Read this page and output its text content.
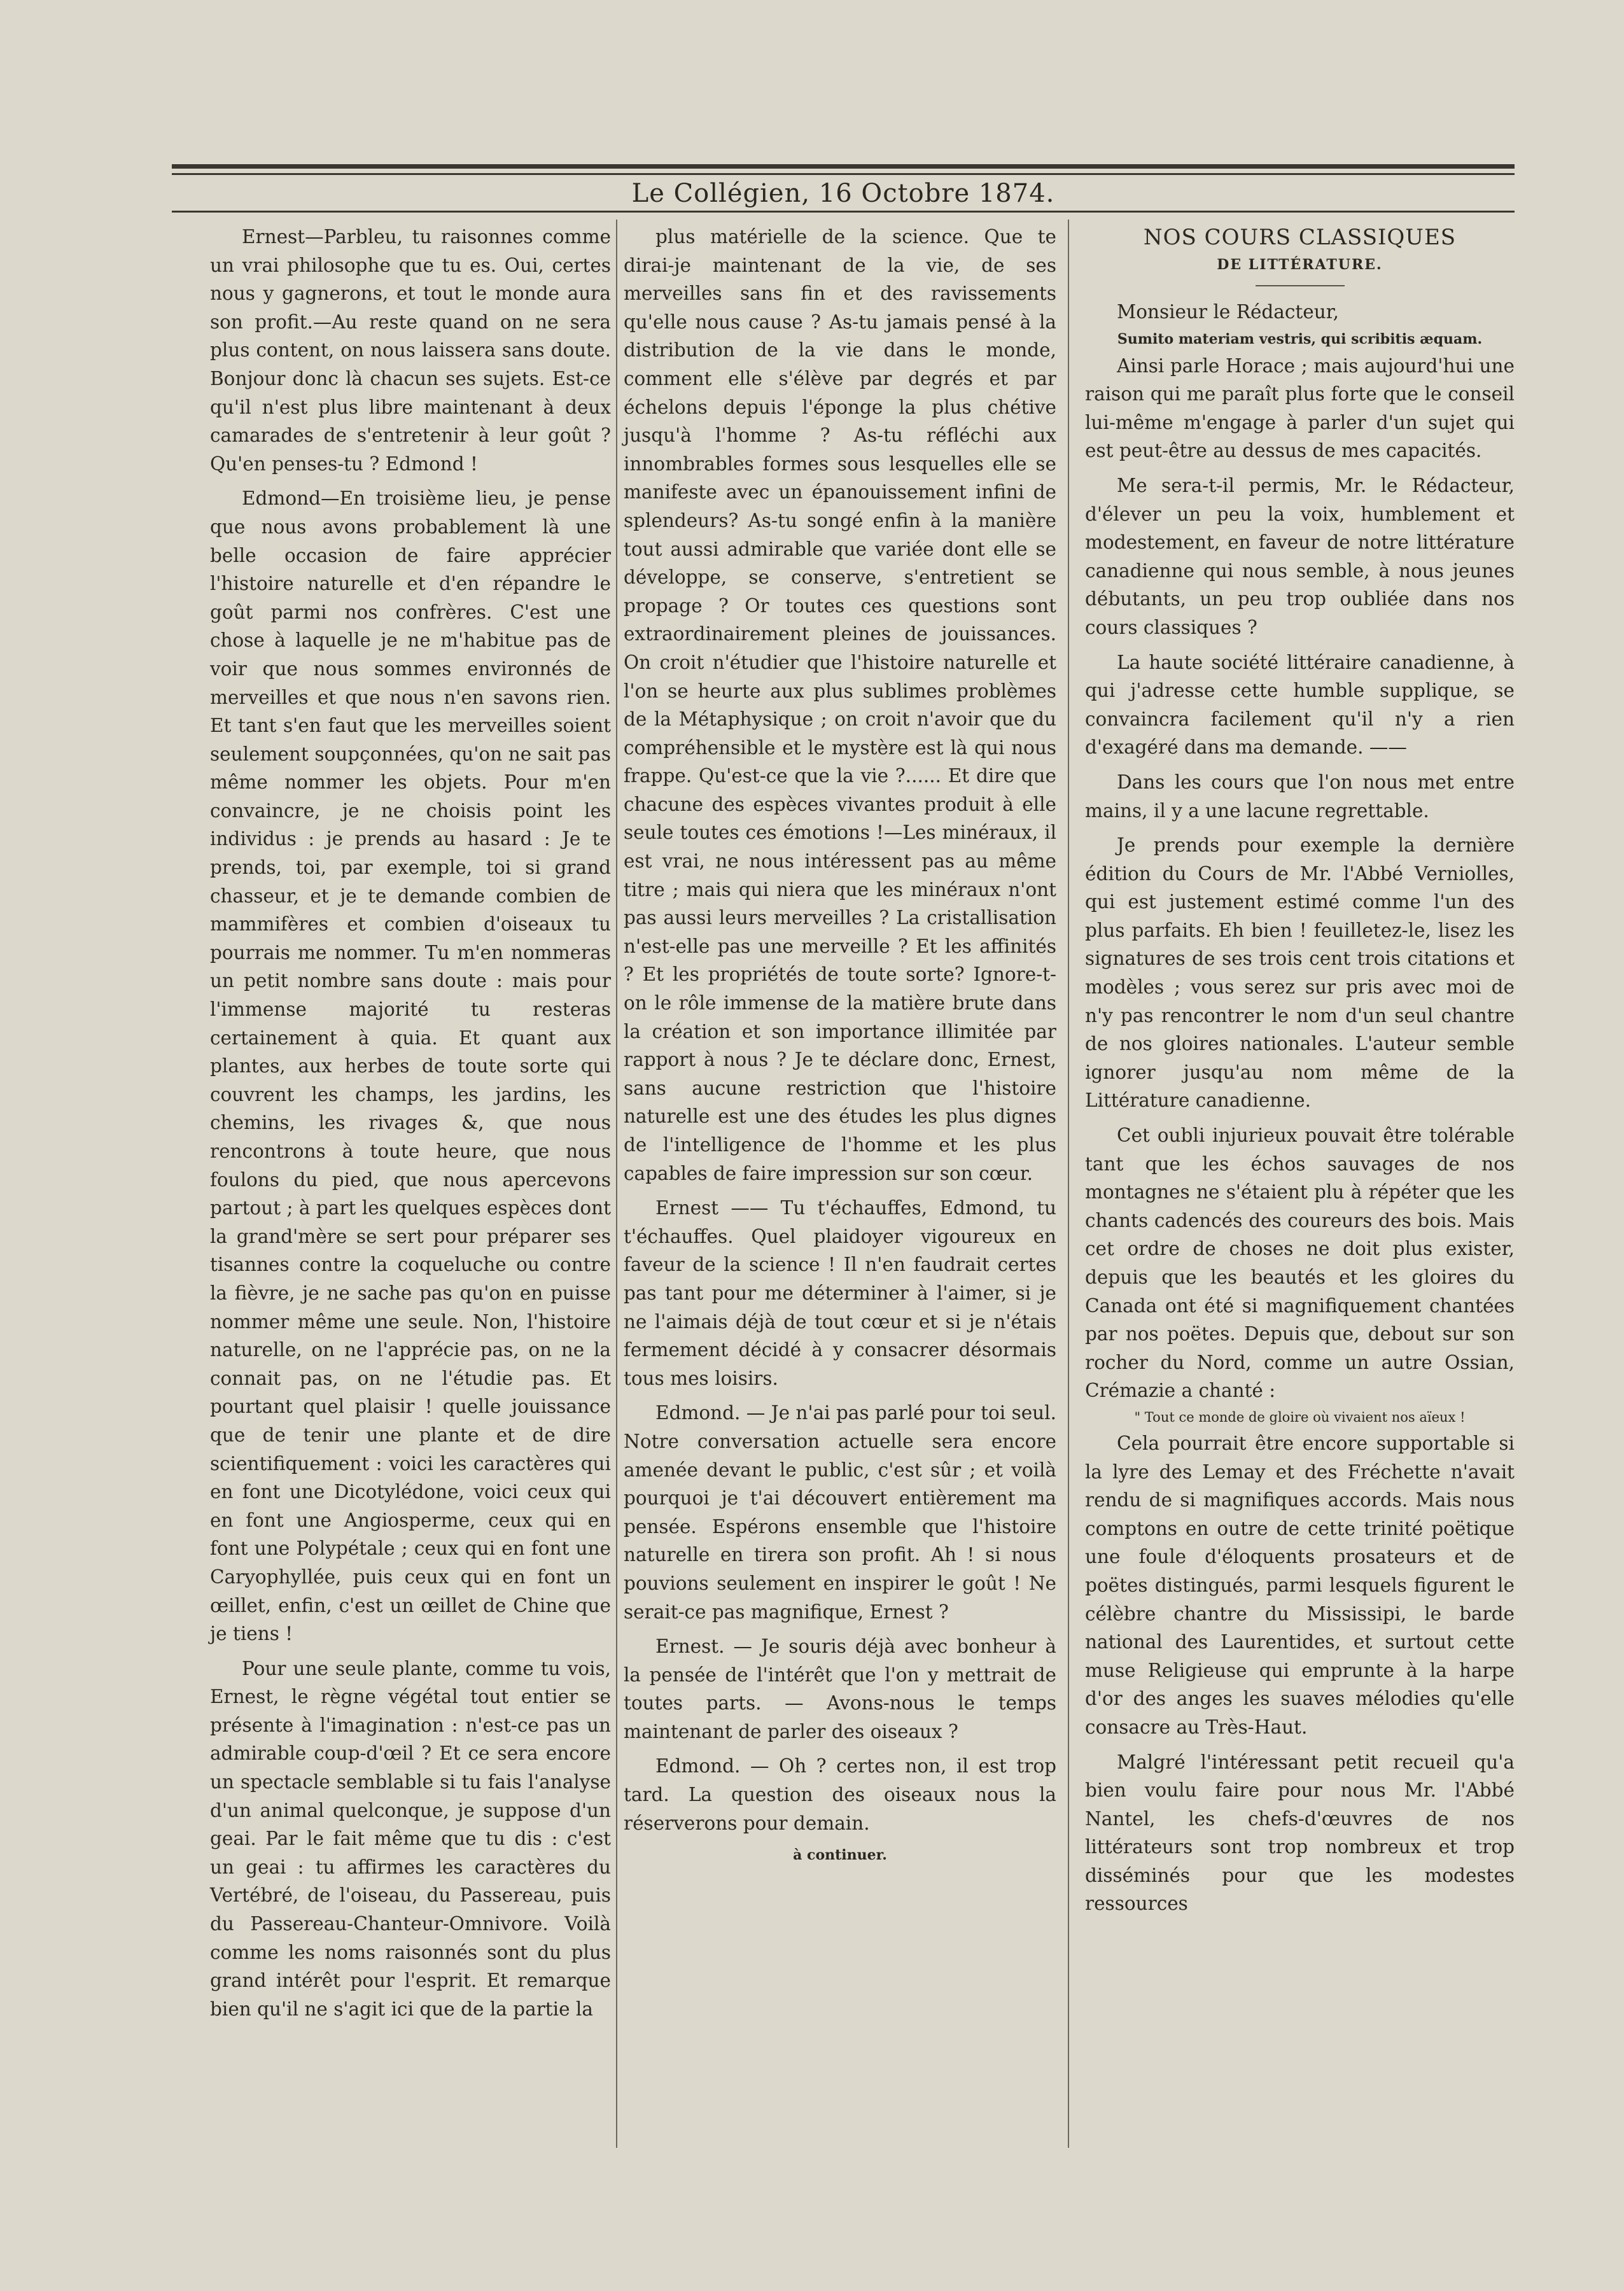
Le Collégien, 16 Octobre 1874.

Ernest—Parbleu, tu raisonnes comme un vrai philosophe que tu es. Oui, certes nous y gagnerons, et tout le monde aura son profit.—Au reste quand on ne sera plus content, on nous laissera sans doute. Bonjour donc là chacun ses sujets. Est-ce qu'il n'est plus libre maintenant à deux camarades de s'entretenir à leur goût ? Qu'en penses-tu ? Edmond !

Edmond—En troisième lieu, je pense que nous avons probablement là une belle occasion de faire apprécier l'histoire naturelle et d'en répandre le goût parmi nos confrères. C'est une chose à laquelle je ne m'habitue pas de voir que nous sommes environnés de merveilles et que nous n'en savons rien. Et tant s'en faut que les merveilles soient seulement soupçonnées, qu'on ne sait pas même nommer les objets. Pour m'en convaincre, je ne choisis point les individus : je prends au hasard : Je te prends, toi, par exemple, toi si grand chasseur, et je te demande combien de mammifères et combien d'oiseaux tu pourrais me nommer. Tu m'en nommeras un petit nombre sans doute : mais pour l'immense majorité tu resteras certainement à quia. Et quant aux plantes, aux herbes de toute sorte qui couvrent les champs, les jardins, les chemins, les rivages &, que nous rencontrons à toute heure, que nous foulons du pied, que nous apercevons partout ; à part les quelques espèces dont la grand'mère se sert pour préparer ses tisannes contre la coqueluche ou contre la fièvre, je ne sache pas qu'on en puisse nommer même une seule. Non, l'histoire naturelle, on ne l'apprécie pas, on ne la connait pas, on ne l'étudie pas. Et pourtant quel plaisir ! quelle jouissance que de tenir une plante et de dire scientifiquement : voici les caractères qui en font une Dicotylédone, voici ceux qui en font une Angiosperme, ceux qui en font une Polypétale ; ceux qui en font une Caryophyllée, puis ceux qui en font un œillet, enfin, c'est un œillet de Chine que je tiens !

Pour une seule plante, comme tu vois, Ernest, le règne végétal tout entier se présente à l'imagination : n'est-ce pas un admirable coup-d'œil ? Et ce sera encore un spectacle semblable si tu fais l'analyse d'un animal quelconque, je suppose d'un geai. Par le fait même que tu dis : c'est un geai : tu affirmes les caractères du Vertébré, de l'oiseau, du Passereau, puis du Passereau-Chanteur-Omnivore. Voilà comme les noms raisonnés sont du plus grand intérêt pour l'esprit. Et remarque bien qu'il ne s'agit ici que de la partie la

plus matérielle de la science. Que te dirai-je maintenant de la vie, de ses merveilles sans fin et des ravissements qu'elle nous cause ? As-tu jamais pensé à la distribution de la vie dans le monde, comment elle s'élève par degrés et par échelons depuis l'éponge la plus chétive jusqu'à l'homme ? As-tu réfléchi aux innombrables formes sous lesquelles elle se manifeste avec un épanouissement infini de splendeurs? As-tu songé enfin à la manière tout aussi admirable que variée dont elle se développe, se conserve, s'entretient se propage ? Or toutes ces questions sont extraordinairement pleines de jouissances. On croit n'étudier que l'histoire naturelle et l'on se heurte aux plus sublimes problèmes de la Métaphysique ; on croit n'avoir que du compréhensible et le mystère est là qui nous frappe. Qu'est-ce que la vie ?...... Et dire que chacune des espèces vivantes produit à elle seule toutes ces émotions !—Les minéraux, il est vrai, ne nous intéressent pas au même titre ; mais qui niera que les minéraux n'ont pas aussi leurs merveilles ? La cristallisation n'est-elle pas une merveille ? Et les affinités ? Et les propriétés de toute sorte? Ignore-t-on le rôle immense de la matière brute dans la création et son importance illimitée par rapport à nous ? Je te déclare donc, Ernest, sans aucune restriction que l'histoire naturelle est une des études les plus dignes de l'intelligence de l'homme et les plus capables de faire impression sur son cœur.

Ernest —— Tu t'échauffes, Edmond, tu t'échauffes. Quel plaidoyer vigoureux en faveur de la science ! Il n'en faudrait certes pas tant pour me déterminer à l'aimer, si je ne l'aimais déjà de tout cœur et si je n'étais fermement décidé à y consacrer désormais tous mes loisirs.

Edmond. — Je n'ai pas parlé pour toi seul. Notre conversation actuelle sera encore amenée devant le public, c'est sûr ; et voilà pourquoi je t'ai découvert entièrement ma pensée. Espérons ensemble que l'histoire naturelle en tirera son profit. Ah ! si nous pouvions seulement en inspirer le goût ! Ne serait-ce pas magnifique, Ernest ?

Ernest. — Je souris déjà avec bonheur à la pensée de l'intérêt que l'on y mettrait de toutes parts. — Avons-nous le temps maintenant de parler des oiseaux ?

Edmond. — Oh ? certes non, il est trop tard. La question des oiseaux nous la réserverons pour demain.

à continuer.

NOS COURS CLASSIQUES

DE LITTÉRATURE.

Monsieur le Rédacteur,

Sumito materiam vestris, qui scribitis æquam.

Ainsi parle Horace ; mais aujourd'hui une raison qui me paraît plus forte que le conseil lui-même m'engage à parler d'un sujet qui est peut-être au dessus de mes capacités.

Me sera-t-il permis, Mr. le Rédacteur, d'élever un peu la voix, humblement et modestement, en faveur de notre littérature canadienne qui nous semble, à nous jeunes débutants, un peu trop oubliée dans nos cours classiques ?

La haute société littéraire canadienne, à qui j'adresse cette humble supplique, se convaincra facilement qu'il n'y a rien d'exagéré dans ma demande. ——

Dans les cours que l'on nous met entre mains, il y a une lacune regrettable.

Je prends pour exemple la dernière édition du Cours de Mr. l'Abbé Verniolles, qui est justement estimé comme l'un des plus parfaits. Eh bien ! feuilletez-le, lisez les signatures de ses trois cent trois citations et modèles ; vous serez sur pris avec moi de n'y pas rencontrer le nom d'un seul chantre de nos gloires nationales. L'auteur semble ignorer jusqu'au nom même de la Littérature canadienne.

Cet oubli injurieux pouvait être tolérable tant que les échos sauvages de nos montagnes ne s'étaient plu à répéter que les chants cadencés des coureurs des bois. Mais cet ordre de choses ne doit plus exister, depuis que les beautés et les gloires du Canada ont été si magnifiquement chantées par nos poëtes. Depuis que, debout sur son rocher du Nord, comme un autre Ossian, Crémazie a chanté :

" Tout ce monde de gloire où vivaient nos aïeux !

Cela pourrait être encore supportable si la lyre des Lemay et des Fréchette n'avait rendu de si magnifiques accords. Mais nous comptons en outre de cette trinité poëtique une foule d'éloquents prosateurs et de poëtes distingués, parmi lesquels figurent le célèbre chantre du Mississipi, le barde national des Laurentides, et surtout cette muse Religieuse qui emprunte à la harpe d'or des anges les suaves mélodies qu'elle consacre au Très-Haut.

Malgré l'intéressant petit recueil qu'a bien voulu faire pour nous Mr. l'Abbé Nantel, les chefs-d'œuvres de nos littérateurs sont trop nombreux et trop disséminés pour que les modestes ressources
